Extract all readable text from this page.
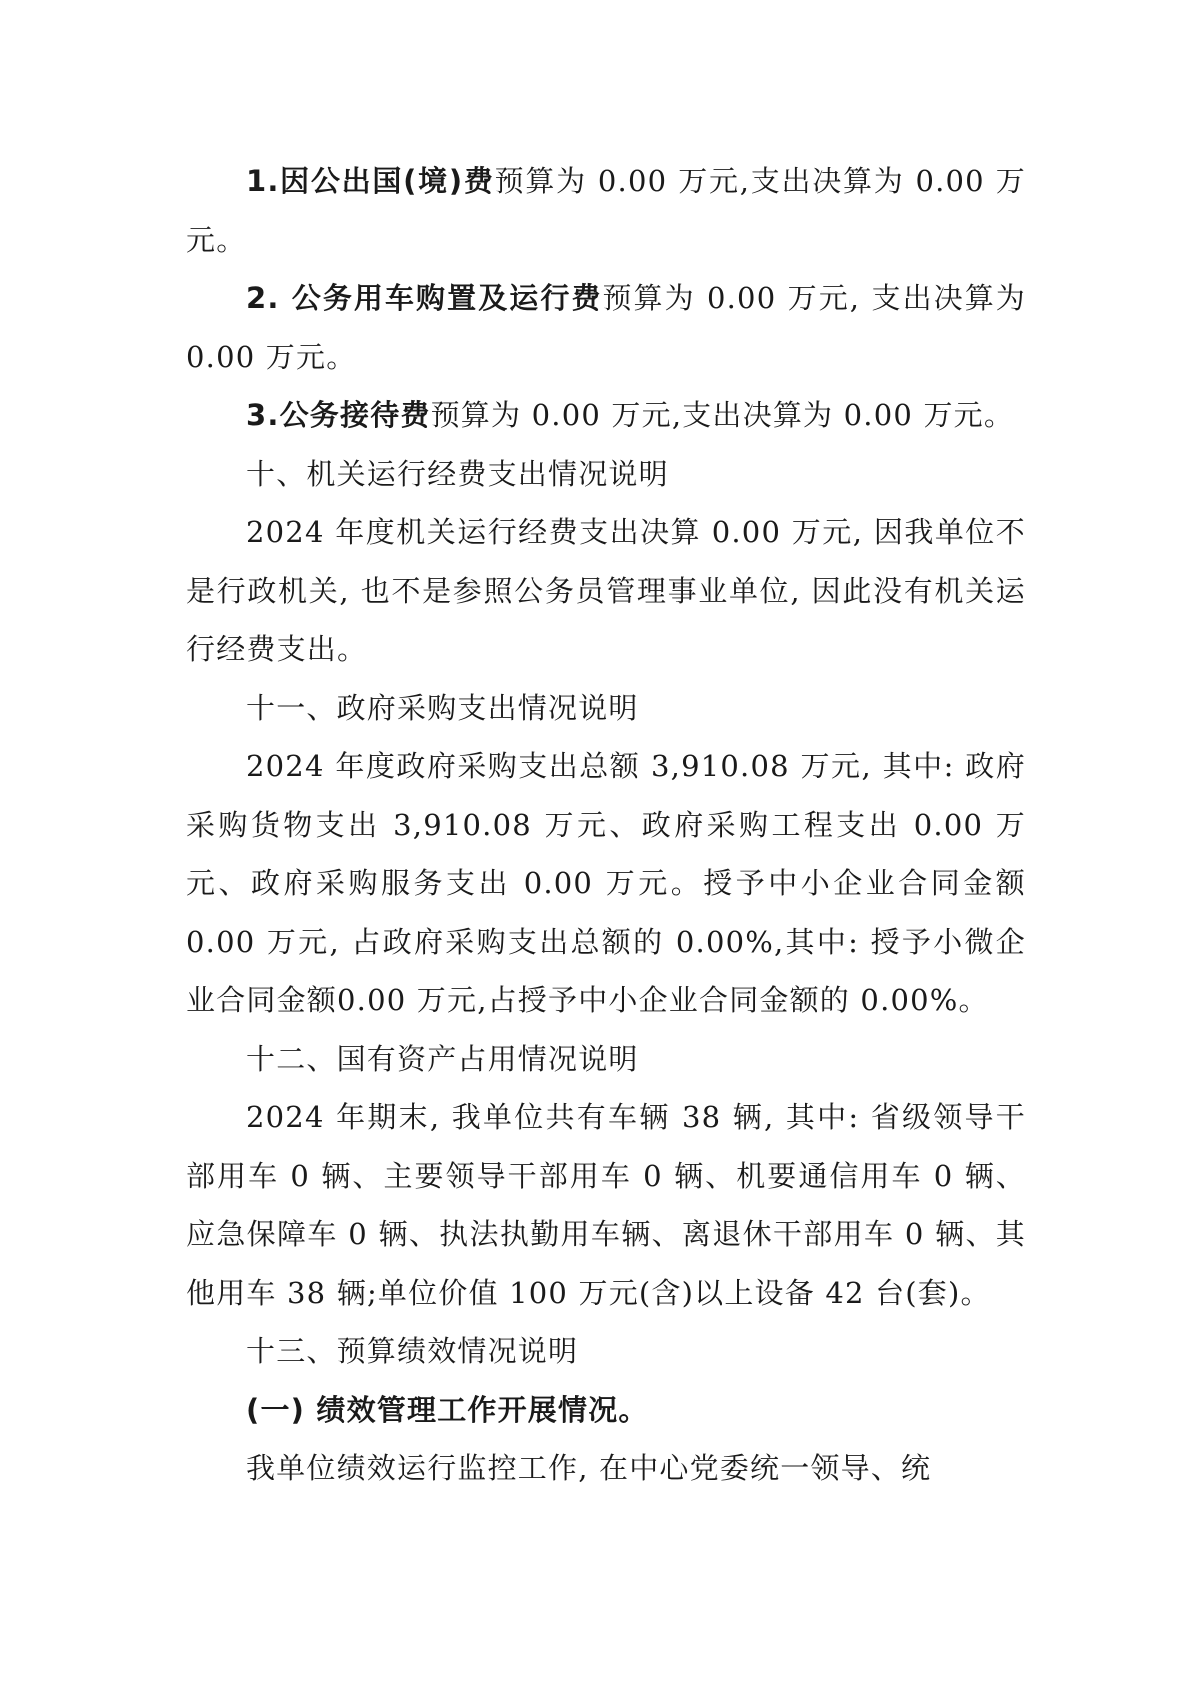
1.因公出国(境)费预算为 0.00 万元,支出决算为 0.00 万元。

2. 公务用车购置及运行费预算为 0.00 万元, 支出决算为 0.00 万元。

3.公务接待费预算为 0.00 万元,支出决算为 0.00 万元。

十、机关运行经费支出情况说明

2024 年度机关运行经费支出决算 0.00 万元, 因我单位不是行政机关, 也不是参照公务员管理事业单位, 因此没有机关运行经费支出。

十一、政府采购支出情况说明

2024 年度政府采购支出总额 3,910.08 万元, 其中: 政府采购货物支出 3,910.08 万元、政府采购工程支出 0.00 万元、政府采购服务支出 0.00 万元。授予中小企业合同金额 0.00 万元, 占政府采购支出总额的 0.00%,其中: 授予小微企业合同金额0.00 万元,占授予中小企业合同金额的 0.00%。

十二、国有资产占用情况说明

2024 年期末, 我单位共有车辆 38 辆, 其中: 省级领导干部用车 0 辆、主要领导干部用车 0 辆、机要通信用车 0 辆、应急保障车 0 辆、执法执勤用车辆、离退休干部用车 0 辆、其他用车 38 辆;单位价值 100 万元(含)以上设备 42 台(套)。

十三、预算绩效情况说明
(一) 绩效管理工作开展情况。

我单位绩效运行监控工作, 在中心党委统一领导、统
